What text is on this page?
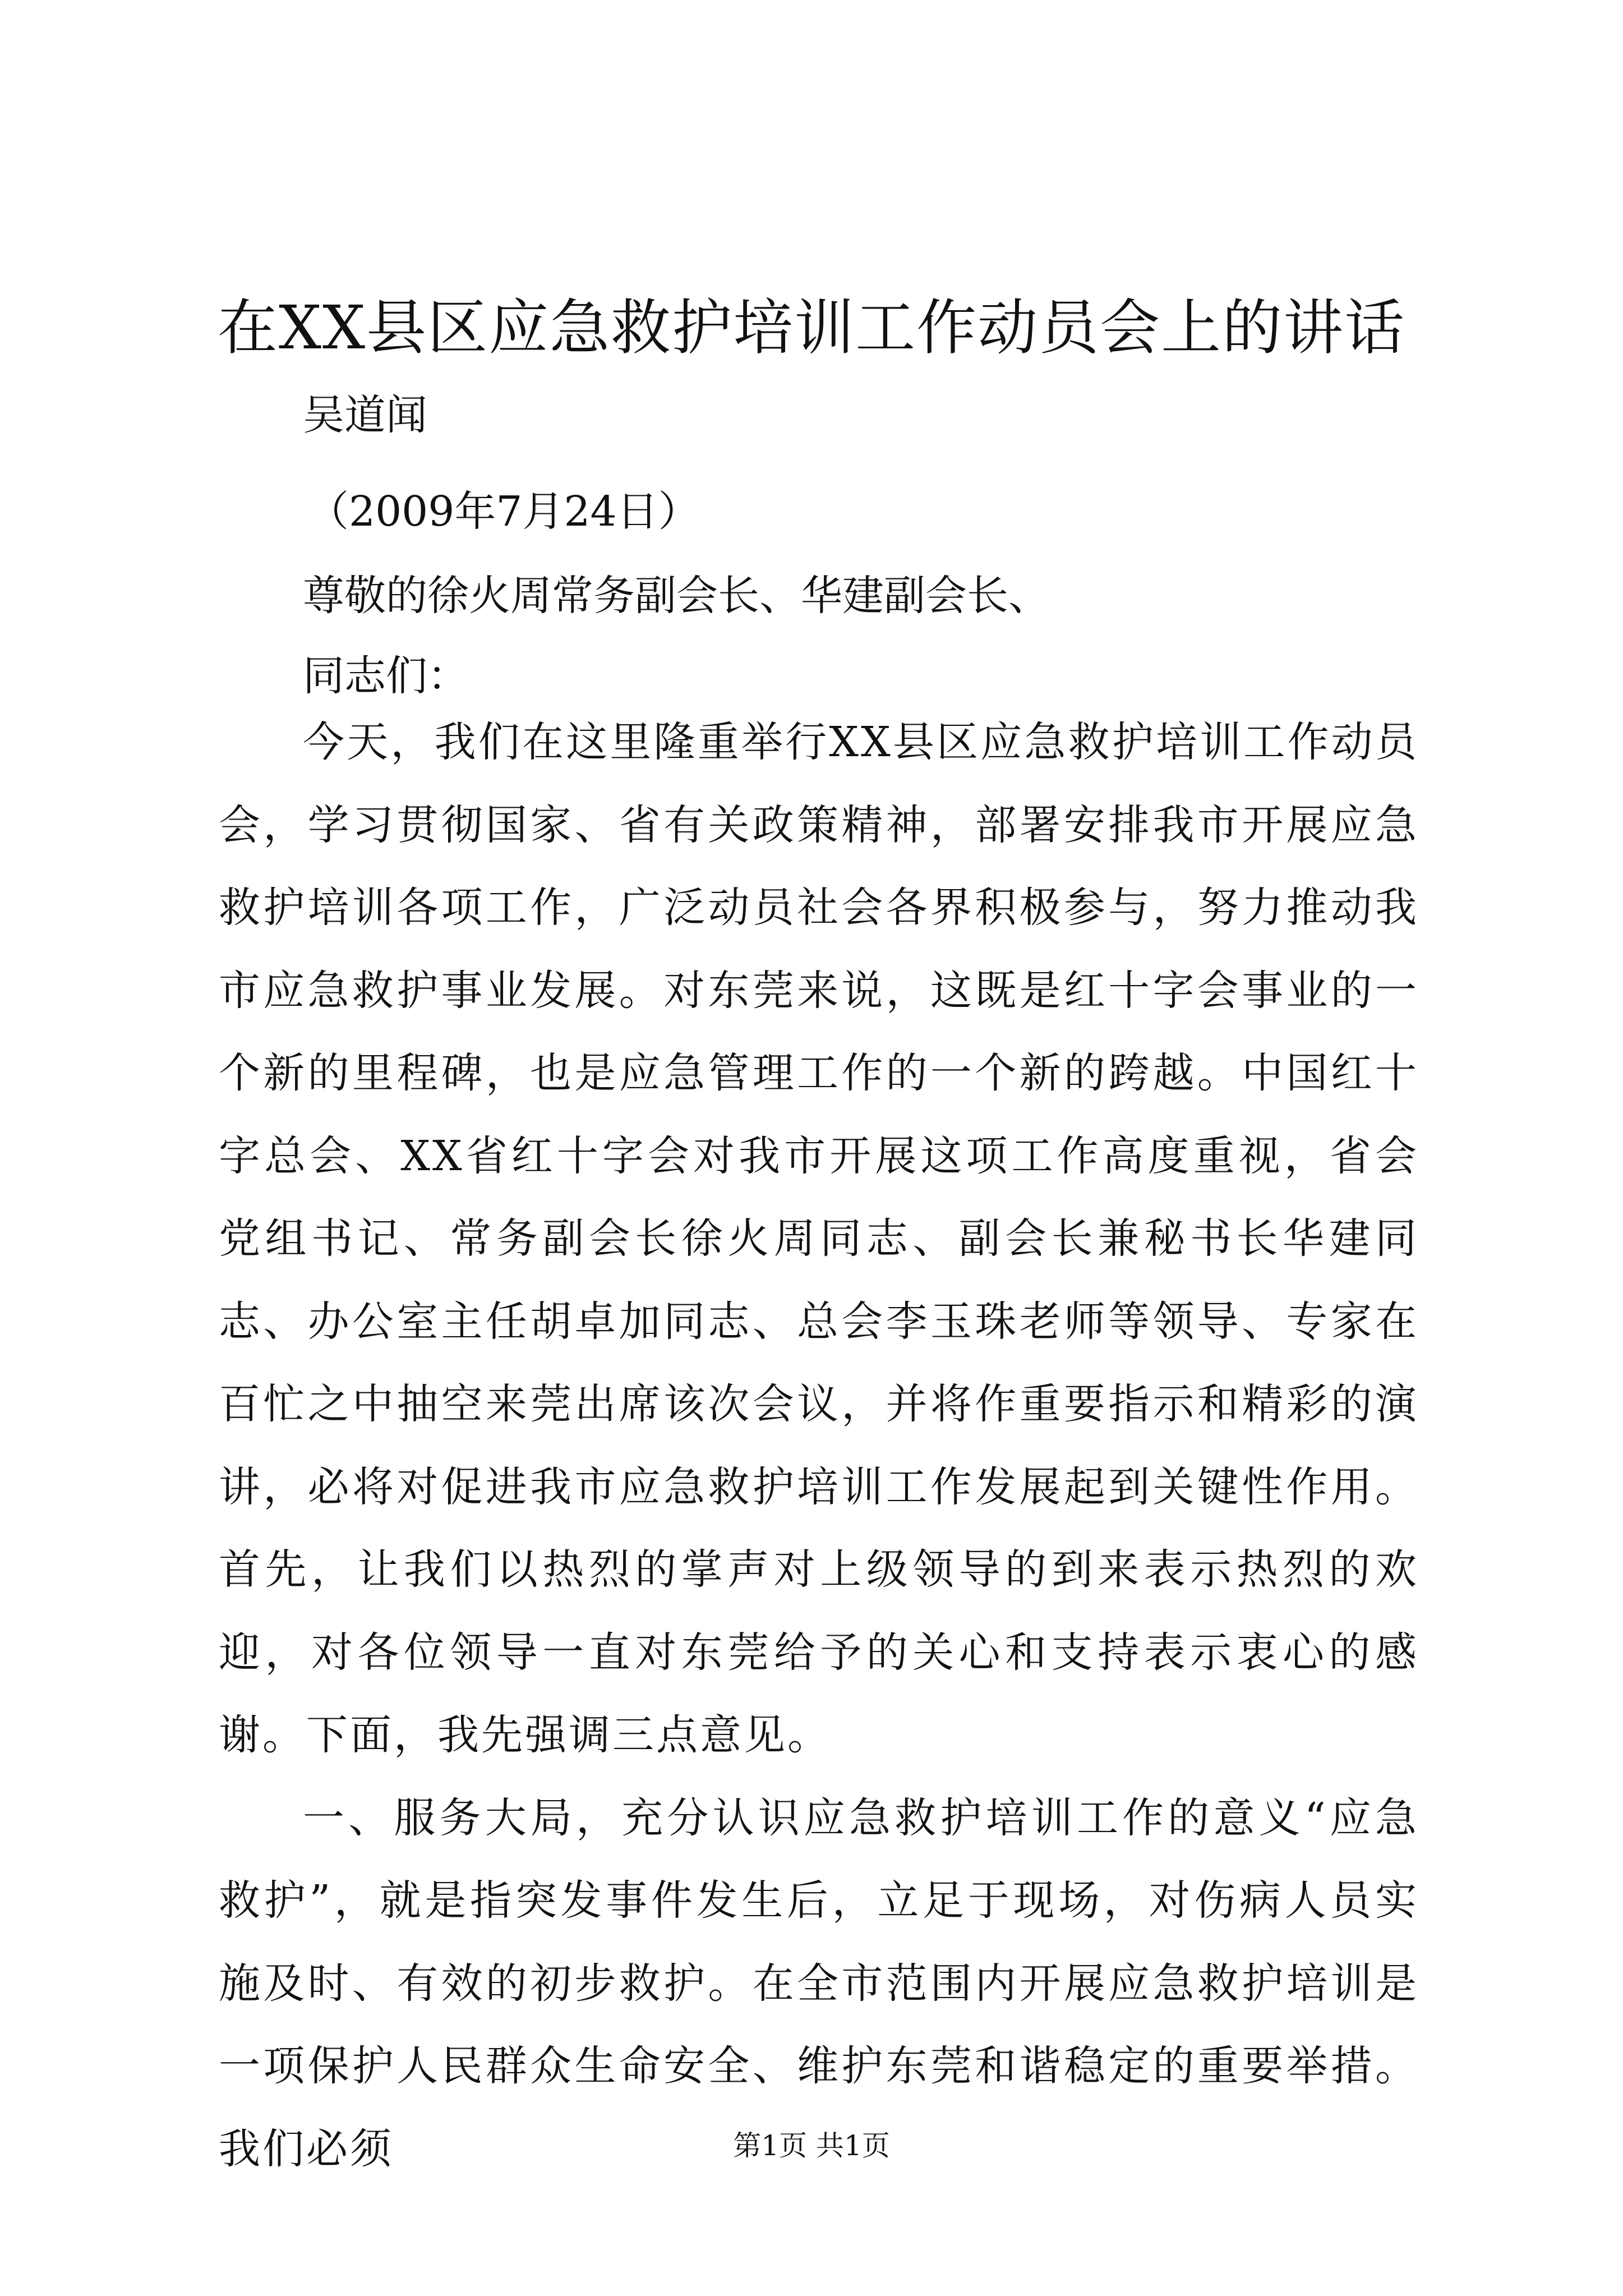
在XX县区应急救护培训工作动员会上的讲话
吴道闻
（2009年7月24日）
尊敬的徐火周常务副会长、华建副会长、
同志们：

今天，我们在这里隆重举行XX县区应急救护培训工作动员会，学习贯彻国家、省有关政策精神，部署安排我市开展应急救护培训各项工作，广泛动员社会各界积极参与，努力推动我市应急救护事业发展。对东莞来说，这既是红十字会事业的一个新的里程碑，也是应急管理工作的一个新的跨越。中国红十字总会、XX省红十字会对我市开展这项工作高度重视，省会党组书记、常务副会长徐火周同志、副会长兼秘书长华建同志、办公室主任胡卓加同志、总会李玉珠老师等领导、专家在百忙之中抽空来莞出席该次会议，并将作重要指示和精彩的演讲，必将对促进我市应急救护培训工作发展起到关键性作用。首先，让我们以热烈的掌声对上级领导的到来表示热烈的欢迎，对各位领导一直对东莞给予的关心和支持表示衷心的感谢。下面，我先强调三点意见。

一、服务大局，充分认识应急救护培训工作的意义“应急救护”，就是指突发事件发生后，立足于现场，对伤病人员实施及时、有效的初步救护。在全市范围内开展应急救护培训是一项保护人民群众生命安全、维护东莞和谐稳定的重要举措。我们必须	第1页 共1页
